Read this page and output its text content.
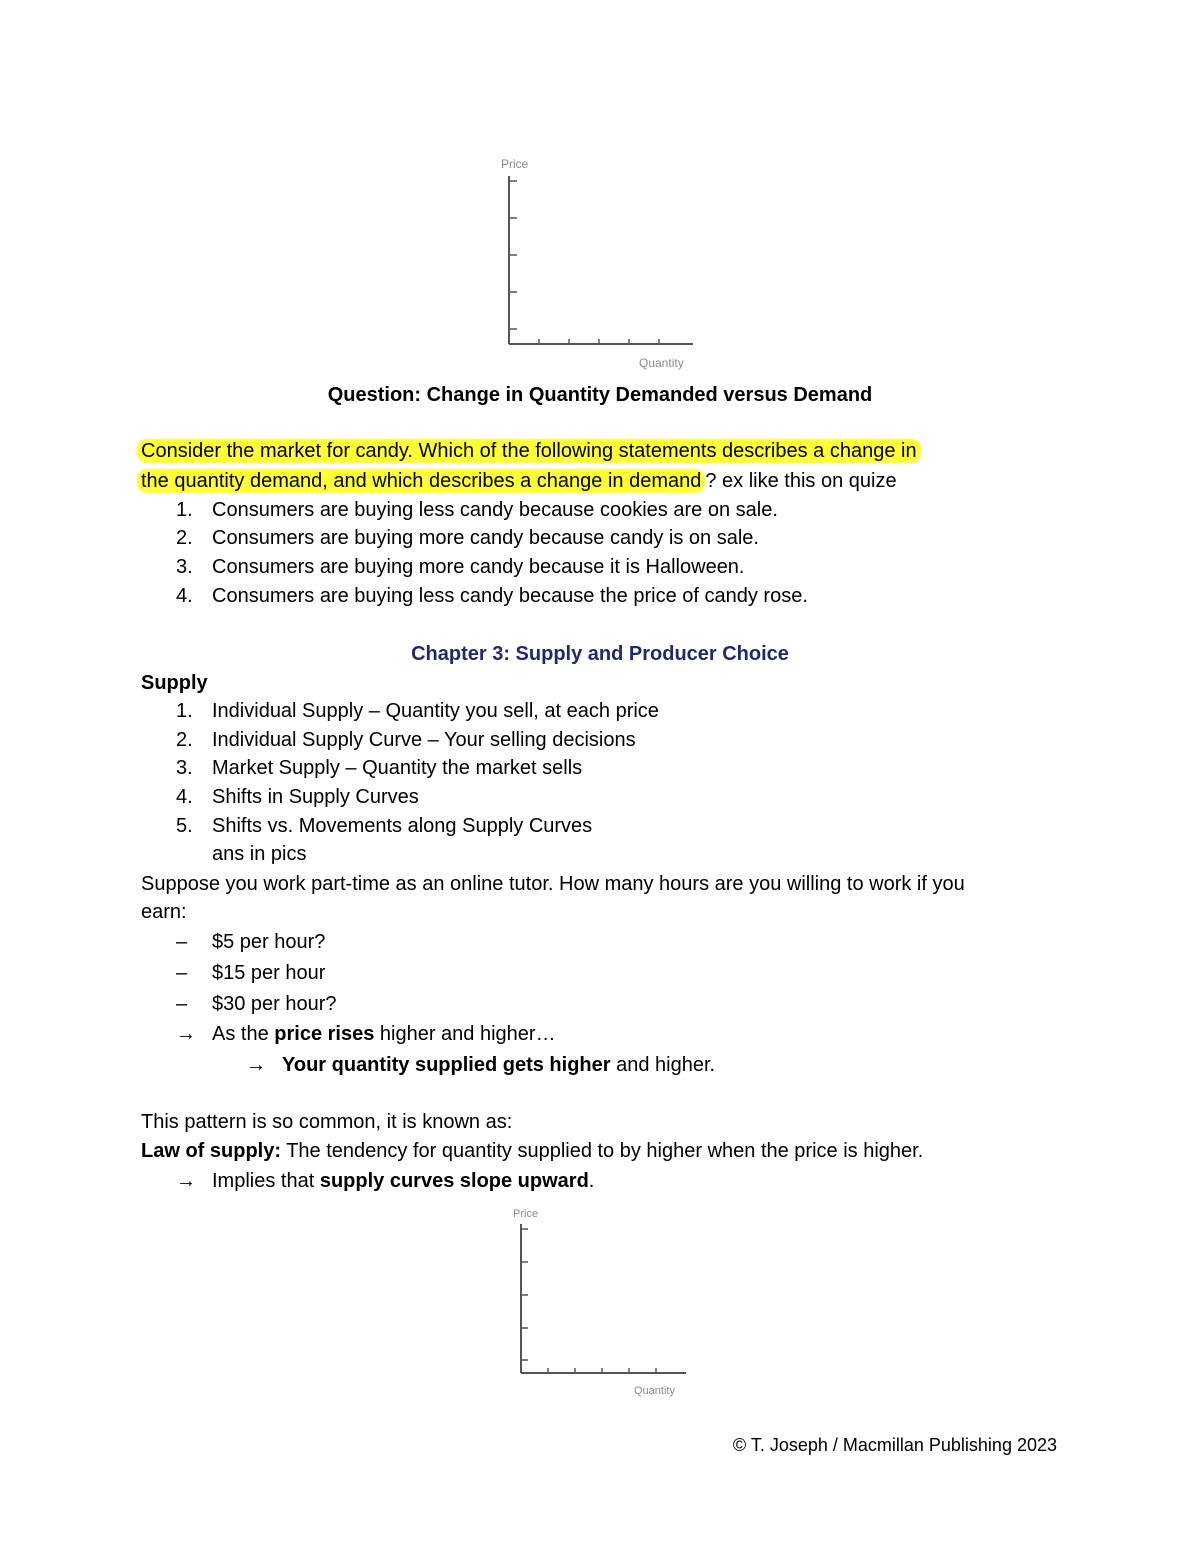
Price
Quantity
Question: Change in Quantity Demanded versus Demand
Consider the market for candy. Which of the following statements describes a change in
the quantity demand, and which describes a change in demand ? ex like this on quize
1. Consumers are buying less candy because cookies are on sale.
2. Consumers are buying more candy because candy is on sale.
3. Consumers are buying more candy because it is Halloween.
4. Consumers are buying less candy because the price of candy rose.
Chapter 3: Supply and Producer Choice
Supply
1. Individual Supply – Quantity you sell, at each price
2. Individual Supply Curve – Your selling decisions
3. Market Supply – Quantity the market sells
4. Shifts in Supply Curves
5. Shifts vs. Movements along Supply Curves
ans in pics
Suppose you work part-time as an online tutor. How many hours are you willing to work if you
earn:
– $5 per hour?
– $15 per hour
– $30 per hour?
→ As the price rises higher and higher…
→ Your quantity supplied gets higher and higher.
This pattern is so common, it is known as:
Law of supply: The tendency for quantity supplied to by higher when the price is higher.
→ Implies that supply curves slope upward.
Price
Quantity
© T. Joseph / Macmillan Publishing 2023
